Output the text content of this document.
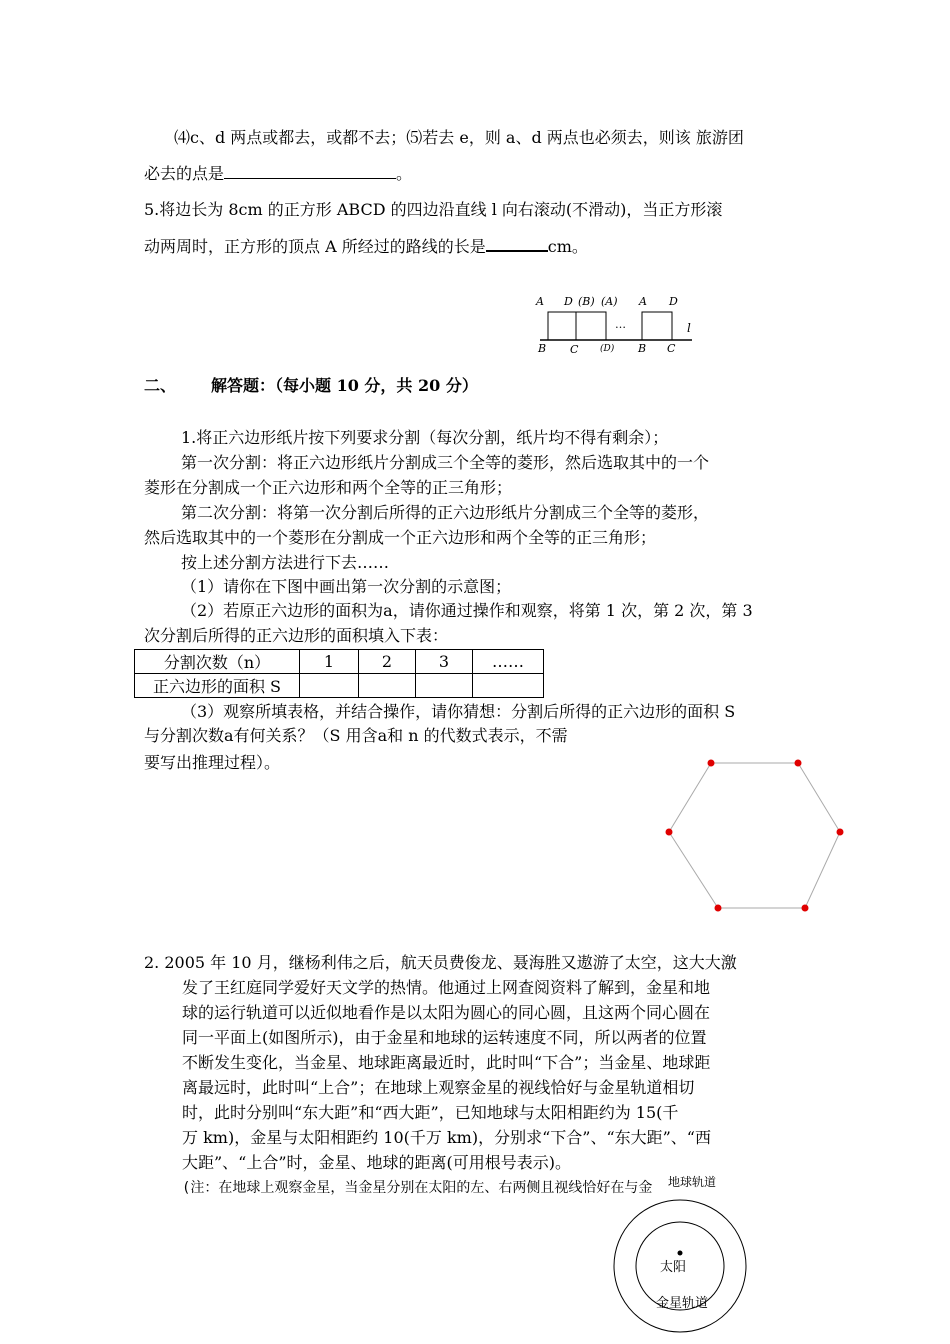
⑷c、d 两点或都去，或都不去；⑸若去 e，则 a、d 两点也必须去，则该 旅游团
必去的点是	。
5.将边长为 8cm 的正方形 ABCD 的四边沿直线 l 向右滚动(不滑动)，当正方形滚
动两周时，正方形的顶点 A 所经过的路线的长是	cm。
A D (B) (A) A D
…	l
B C (D) B C
二、 解答题：（每小题 10 分，共 20 分）
1.将正六边形纸片按下列要求分割（每次分割，纸片均不得有剩余）；
第一次分割：将正六边形纸片分割成三个全等的菱形，然后选取其中的一个
菱形在分割成一个正六边形和两个全等的正三角形；
第二次分割：将第一次分割后所得的正六边形纸片分割成三个全等的菱形，
然后选取其中的一个菱形在分割成一个正六边形和两个全等的正三角形；
按上述分割方法进行下去……
（1）请你在下图中画出第一次分割的示意图；
（2）若原正六边形的面积为a，请你通过操作和观察，将第 1 次，第 2 次，第 3
次分割后所得的正六边形的面积填入下表：
分割次数（n）	1	2	3	……
正六边形的面积 S				
（3）观察所填表格，并结合操作，请你猜想：分割后所得的正六边形的面积 S
与分割次数a有何关系？（S 用含a和 n 的代数式表示，不需
要写出推理过程）。
2. 2005 年 10 月，继杨利伟之后，航天员费俊龙、聂海胜又遨游了太空，这大大激
发了王红庭同学爱好天文学的热情。他通过上网查阅资料了解到，金星和地
球的运行轨道可以近似地看作是以太阳为圆心的同心圆，且这两个同心圆在
同一平面上(如图所示)，由于金星和地球的运转速度不同，所以两者的位置
不断发生变化，当金星、地球距离最近时，此时叫“下合”；当金星、地球距
离最远时，此时叫“上合”；在地球上观察金星的视线恰好与金星轨道相切
时，此时分别叫“东大距”和“西大距”，已知地球与太阳相距约为 15(千
万 km)，金星与太阳相距约 10(千万 km)，分别求“下合”、“东大距”、“西
大距”、“上合”时，金星、地球的距离(可用根号表示)。
(注：在地球上观察金星，当金星分别在太阳的左、右两侧且视线恰好在与金 地球轨道
太阳
金星轨道
